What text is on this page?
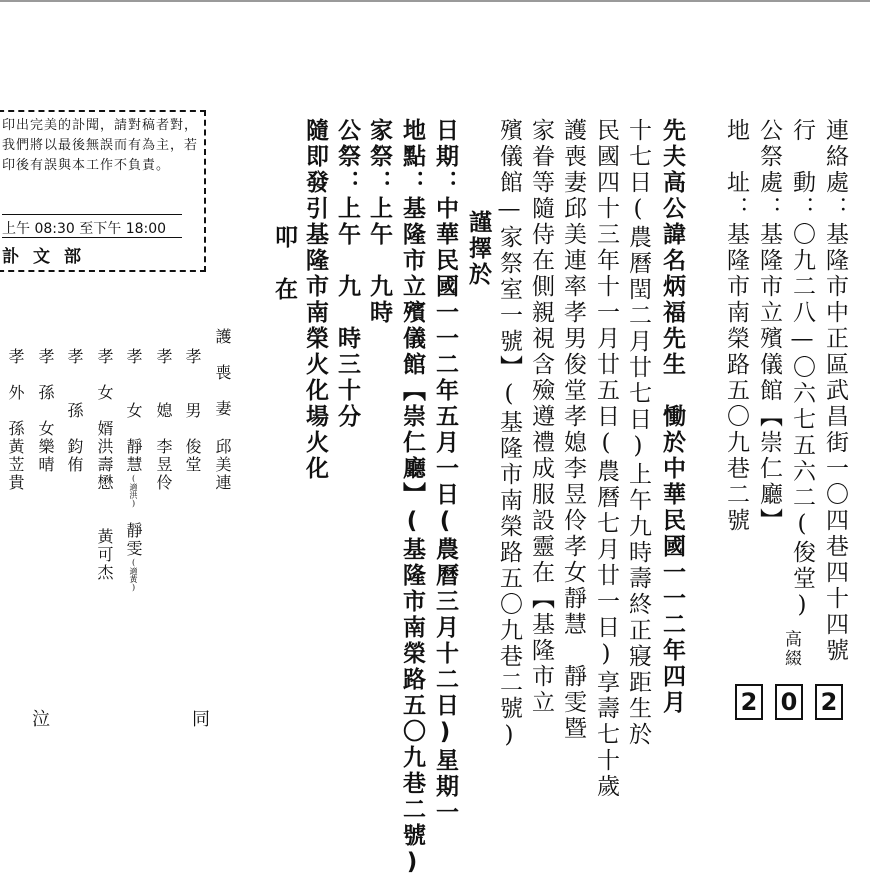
連絡處：基隆市中正區武昌街一〇四巷四十四號
行　動：〇九二八—〇六七五六二(俊堂)
公祭處：基隆市立殯儀館【崇仁廳】
地　址：基隆市南榮路五〇九巷二號
先夫高公諱名炳福先生　慟於中華民國一一二年四月
十七日(農曆閏二月廿七日)上午九時壽終正寢距生於
民國四十三年十一月廿五日(農曆七月廿一日)享壽七十歲
護喪妻邱美連率孝男俊堂孝媳李昱伶孝女靜慧　靜雯暨
家眷等隨侍在側親視含殮遵禮成服設靈在【基隆市立
殯儀館—家祭室一號】(基隆市南榮路五〇九巷二號)
謹擇於
日期：中華民國一一二年五月一日(農曆三月十二日)星期一
地點：基隆市立殯儀館【崇仁廳】(基隆市南榮路五〇九巷二號)
家祭：上午　九時
公祭：上午　九　時三十分
隨即發引基隆市南榮火化場火化
叩　在
護　喪　妻
邱美連
孝　　男
俊堂
孝　　媳
李昱伶
孝　　女
靜慧
(適洪)
靜雯
(適黃)
孝　女　婿
洪壽懋
黃可杰
孝　　孫
鈞侑
孝　孫　女
樂晴
孝　外　孫
黃苙貴
泣	同
印出完美的訃聞，請對稿者對，我們將以最後無誤而有為主，若印後有誤與本工作不負責。
上午 08:30 至下午 18:00
訃文部
高綴
2 0 2
